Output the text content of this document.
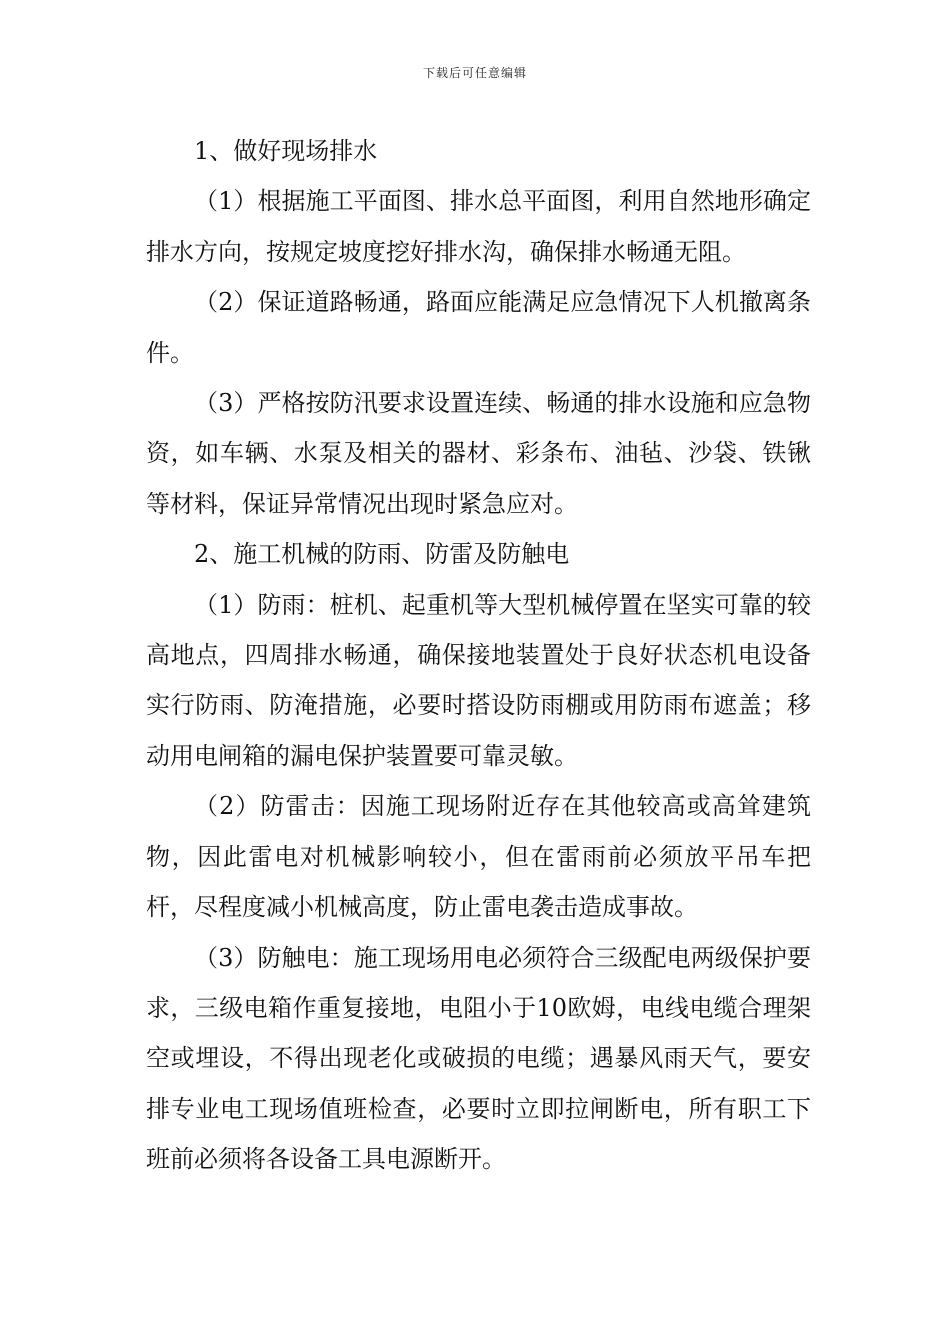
下载后可任意编辑

1、做好现场排水

（1）根据施工平面图、排水总平面图，利用自然地形确定排水方向，按规定坡度挖好排水沟，确保排水畅通无阻。

（2）保证道路畅通，路面应能满足应急情况下人机撤离条件。

（3）严格按防汛要求设置连续、畅通的排水设施和应急物资，如车辆、水泵及相关的器材、彩条布、油毡、沙袋、铁锹等材料，保证异常情况出现时紧急应对。

2、施工机械的防雨、防雷及防触电

（1）防雨：桩机、起重机等大型机械停置在坚实可靠的较高地点，四周排水畅通，确保接地装置处于良好状态机电设备实行防雨、防淹措施，必要时搭设防雨棚或用防雨布遮盖；移动用电闸箱的漏电保护装置要可靠灵敏。

（2）防雷击：因施工现场附近存在其他较高或高耸建筑物，因此雷电对机械影响较小，但在雷雨前必须放平吊车把杆，尽程度减小机械高度，防止雷电袭击造成事故。

（3）防触电：施工现场用电必须符合三级配电两级保护要求，三级电箱作重复接地，电阻小于10欧姆，电线电缆合理架空或埋设，不得出现老化或破损的电缆；遇暴风雨天气，要安排专业电工现场值班检查，必要时立即拉闸断电，所有职工下班前必须将各设备工具电源断开。
